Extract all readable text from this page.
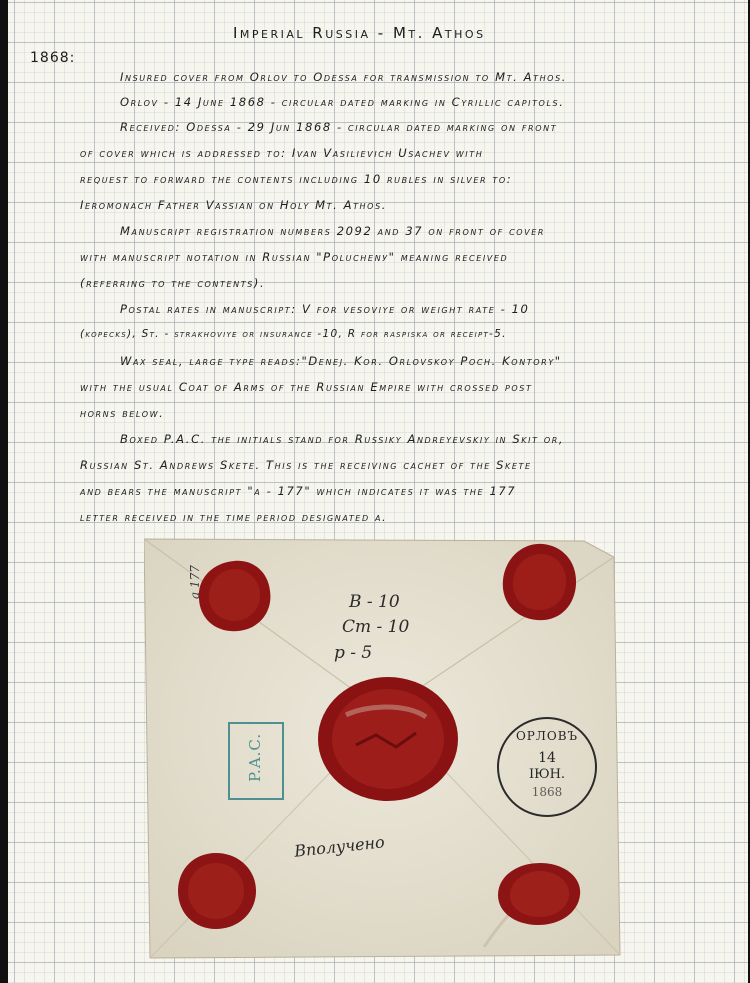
Imperial Russia - Mt. Athos
1868:
Insured cover from Orlov to Odessa for transmission to Mt. Athos.
Orlov - 14 June 1868 - circular dated marking in Cyrillic capitols.
Received: Odessa - 29 Jun 1868 - circular dated marking on front
of cover which is addressed to: Ivan Vasilievich Usachev with
request to forward the contents including 10 rubles in silver to:
Ieromonach Father Vassian on Holy Mt. Athos.
Manuscript registration numbers 2092 and 37 on front of cover
with manuscript notation in Russian "Poluchenу" meaning received
(referring to the contents).
Postal rates in manuscript: V for vesoviye or weight rate - 10
(kopecks), St. - strakhoviye or insurance -10, R for raspiska or receipt-5.
Wax seal, large type reads:"Denej. Kor. Orlovskoy Poch. Kontory"
with the usual Coat of Arms of the Russian Empire with crossed post
horns below.
Boxed P.A.C. the initials stand for Russiky Andreyevskiy in Skit or,
Russian St. Andrews Skete. This is the receiving cachet of the Skete
and bears the manuscript "a - 177" which indicates it was the 177
letter received in the time period designated a.
В - 10
Ст - 10
р - 5
P.A.C.
a 177
ОРЛОВЪ
14
ІЮН.
1868
Вполучено
